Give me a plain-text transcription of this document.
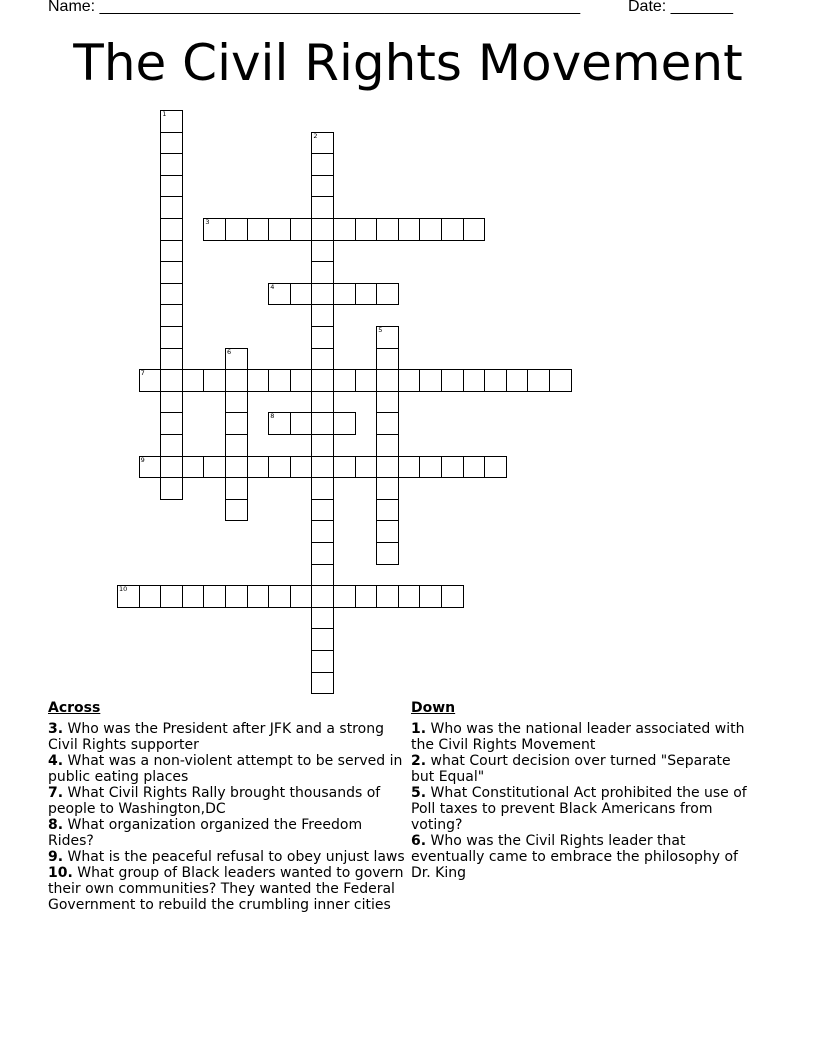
Name: ______________________________________________________

	Date: _______

The Civil Rights Movement
1
2
3
4
5
6
7
8
9
10
Across
3. Who was the President after JFK and a strong Civil Rights supporter
4. What was a non-violent attempt to be served in public eating places
7. What Civil Rights Rally brought thousands of people to Washington,DC
8. What organization organized the Freedom Rides?
9. What is the peaceful refusal to obey unjust laws
10. What group of Black leaders wanted to govern their own communities? They wanted the Federal Government to rebuild the crumbling inner cities
Down
1. Who was the national leader associated with the Civil Rights Movement
2. what Court decision over turned "Separate but Equal"
5. What Constitutional Act prohibited the use of Poll taxes to prevent Black Americans from voting?
6. Who was the Civil Rights leader that eventually came to embrace the philosophy of Dr. King
